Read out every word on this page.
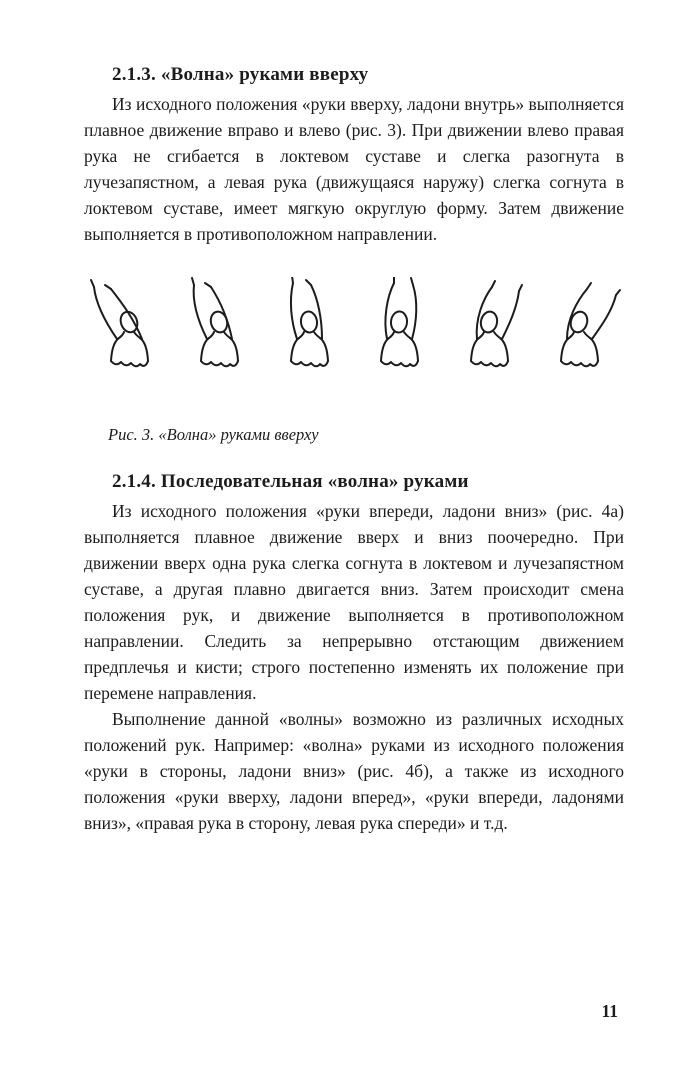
2.1.3. «Волна» руками вверху

Из исходного положения «руки вверху, ладони внутрь» выполняется плавное движение вправо и влево (рис. 3). При движении влево правая рука не сгибается в локтевом суставе и слегка разогнута в лучезапястном, а левая рука (движущаяся наружу) слегка согнута в локтевом суставе, имеет мягкую округлую форму. Затем движение выполняется в противоположном направлении.

Рис. 3. «Волна» руками вверху
2.1.4. Последовательная «волна» руками

Из исходного положения «руки впереди, ладони вниз» (рис. 4а) выполняется плавное движение вверх и вниз поочередно. При движении вверх одна рука слегка согнута в локтевом и лучезапястном суставе, а другая плавно двигается вниз. Затем происходит смена положения рук, и движение выполняется в противоположном направлении. Следить за непрерывно отстающим движением предплечья и кисти; строго постепенно изменять их положение при перемене направления.

Выполнение данной «волны» возможно из различных исходных положений рук. Например: «волна» руками из исходного положения «руки в стороны, ладони вниз» (рис. 4б), а также из исходного положения «руки вверху, ладони вперед», «руки впереди, ладонями вниз», «правая рука в сторону, левая рука спереди» и т.д.

11
